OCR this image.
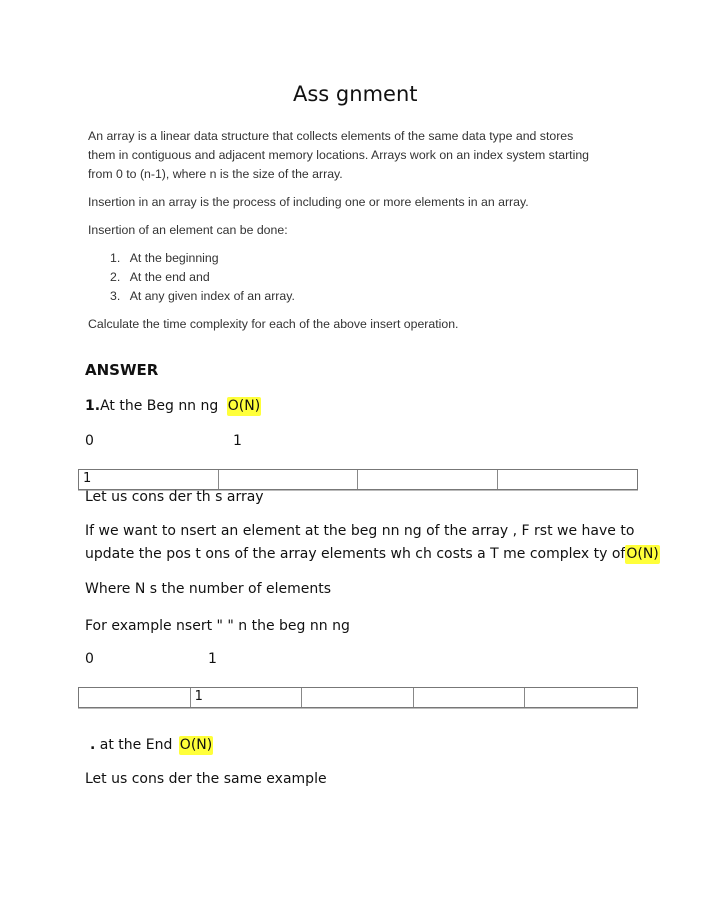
Ass gnment
An array is a linear data structure that collects elements of the same data type and stores
them in contiguous and adjacent memory locations. Arrays work on an index system starting
from 0 to (n-1), where n is the size of the array.
Insertion in an array is the process of including one or more elements in an array.
Insertion of an element can be done:
1. At the beginning
2. At the end and
3. At any given index of an array.
Calculate the time complexity for each of the above insert operation.
ANSWER
1.At the Beg nn ng O(N)
0	1
1
Let us cons der th s array
If we want to nsert an element at the beg nn ng of the array , F rst we have to
update the pos t ons of the array elements wh ch costs a T me complex ty ofO(N)
Where N s the number of elements
For example nsert " " n the beg nn ng
0	1
1
. at the End O(N)
Let us cons der the same example
